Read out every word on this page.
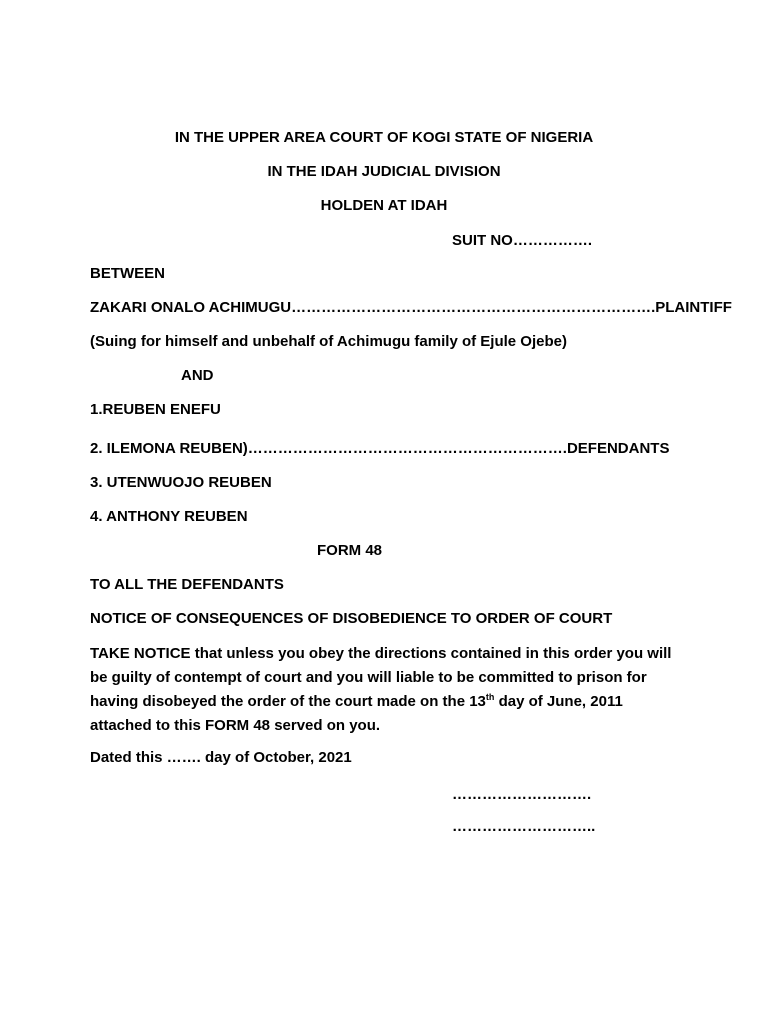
IN THE UPPER AREA COURT OF KOGI STATE OF NIGERIA
IN THE IDAH JUDICIAL DIVISION
HOLDEN AT IDAH
SUIT NO…………….
BETWEEN
ZAKARI ONALO ACHIMUGU……………………………………………………………….PLAINTIFF
(Suing for himself and unbehalf of Achimugu family of Ejule Ojebe)
AND
1.REUBEN ENEFU
2. ILEMONA REUBEN)……………………………………………………….DEFENDANTS
3. UTENWUOJO REUBEN
4. ANTHONY REUBEN
FORM 48
TO ALL THE DEFENDANTS
NOTICE OF CONSEQUENCES OF DISOBEDIENCE TO ORDER OF COURT
TAKE NOTICE that unless you obey the directions contained in this order you will
be guilty of contempt of court and you will liable to be committed to prison for
having disobeyed the order of the court made on the 13th day of June, 2011
attached to this FORM 48 served on you.
Dated this ……. day of October, 2021
……………………….
………………………..
